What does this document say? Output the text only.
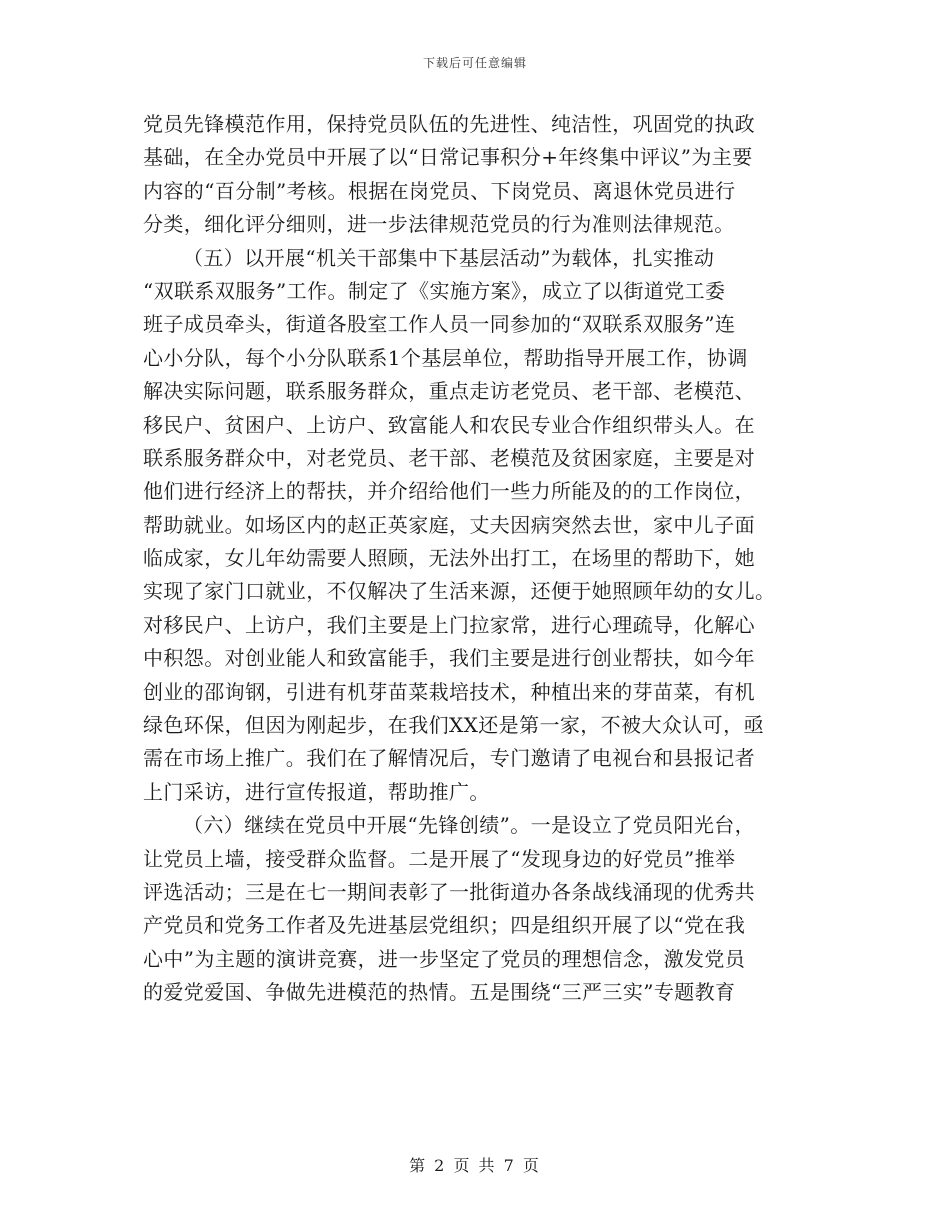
下载后可任意编辑
党员先锋模范作用，保持党员队伍的先进性、纯洁性，巩固党的执政
基础，在全办党员中开展了以“日常记事积分+年终集中评议”为主要
内容的“百分制”考核。根据在岗党员、下岗党员、离退休党员进行
分类，细化评分细则，进一步法律规范党员的行为准则法律规范。
（五）以开展“机关干部集中下基层活动”为载体，扎实推动
“双联系双服务”工作。制定了《实施方案》，成立了以街道党工委
班子成员牵头，街道各股室工作人员一同参加的“双联系双服务”连
心小分队，每个小分队联系1个基层单位，帮助指导开展工作，协调
解决实际问题，联系服务群众，重点走访老党员、老干部、老模范、
移民户、贫困户、上访户、致富能人和农民专业合作组织带头人。在
联系服务群众中，对老党员、老干部、老模范及贫困家庭，主要是对
他们进行经济上的帮扶，并介绍给他们一些力所能及的的工作岗位，
帮助就业。如场区内的赵正英家庭，丈夫因病突然去世，家中儿子面
临成家，女儿年幼需要人照顾，无法外出打工，在场里的帮助下，她
实现了家门口就业，不仅解决了生活来源，还便于她照顾年幼的女儿。
对移民户、上访户，我们主要是上门拉家常，进行心理疏导，化解心
中积怨。对创业能人和致富能手，我们主要是进行创业帮扶，如今年
创业的邵询钢，引进有机芽苗菜栽培技术，种植出来的芽苗菜，有机
绿色环保，但因为刚起步，在我们XX还是第一家，不被大众认可，亟
需在市场上推广。我们在了解情况后，专门邀请了电视台和县报记者
上门采访，进行宣传报道，帮助推广。
（六）继续在党员中开展“先锋创绩”。一是设立了党员阳光台，
让党员上墙，接受群众监督。二是开展了“发现身边的好党员”推举
评选活动；三是在七一期间表彰了一批街道办各条战线涌现的优秀共
产党员和党务工作者及先进基层党组织；四是组织开展了以“党在我
心中”为主题的演讲竞赛，进一步坚定了党员的理想信念，激发党员
的爱党爱国、争做先进模范的热情。五是围绕“三严三实”专题教育
第 2 页 共 7 页
